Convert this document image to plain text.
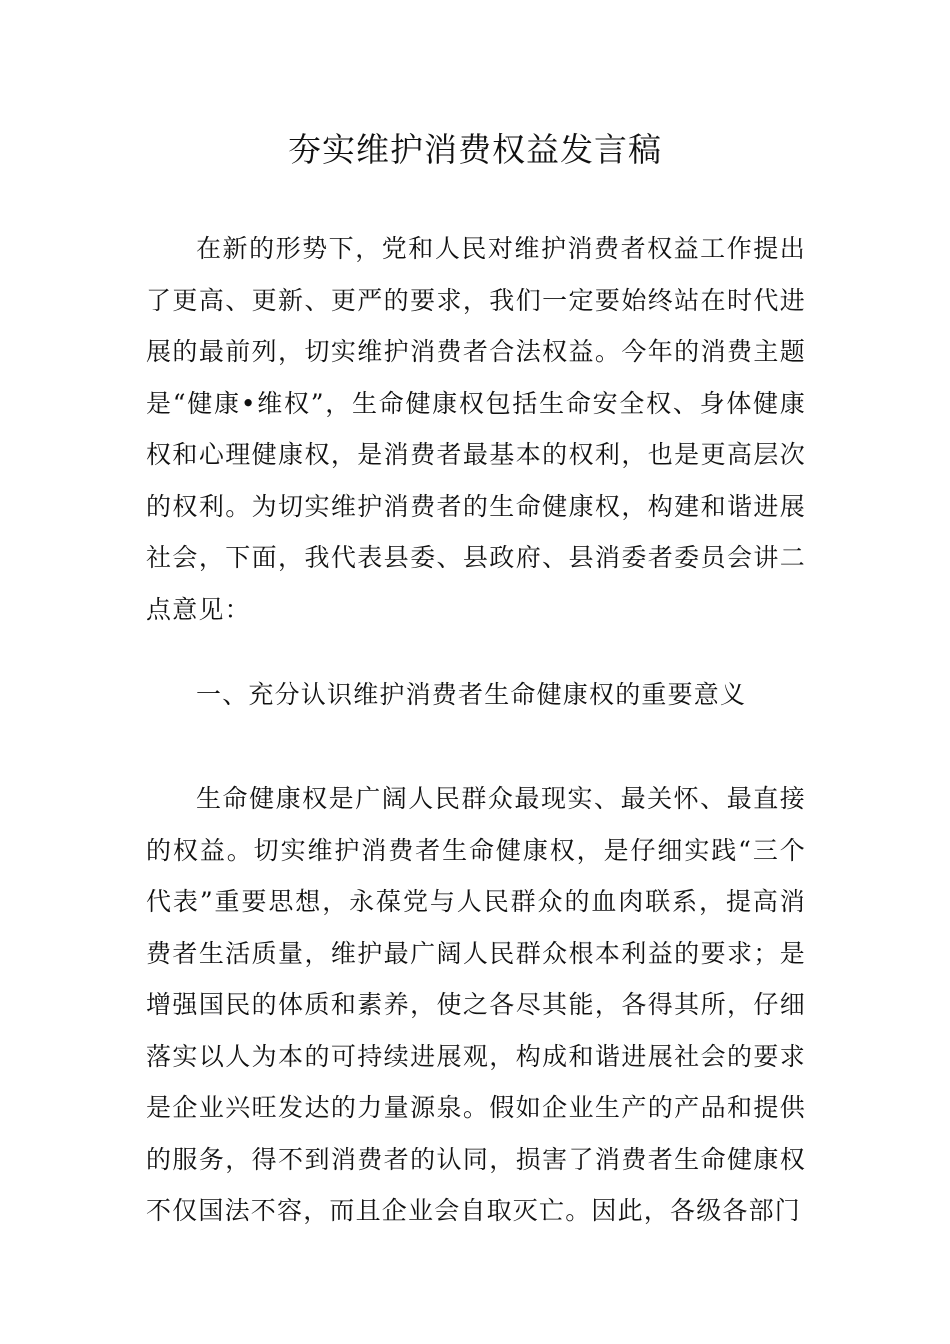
夯实维护消费权益发言稿

在新的形势下，党和人民对维护消费者权益工作提出了更高、更新、更严的要求，我们一定要始终站在时代进展的最前列，切实维护消费者合法权益。今年的消费主题是“健康•维权”，生命健康权包括生命安全权、身体健康权和心理健康权，是消费者最基本的权利，也是更高层次的权利。为切实维护消费者的生命健康权，构建和谐进展社会，下面，我代表县委、县政府、县消委者委员会讲二点意见：

一、充分认识维护消费者生命健康权的重要意义

生命健康权是广阔人民群众最现实、最关怀、最直接的权益。切实维护消费者生命健康权，是仔细实践“三个代表”重要思想，永葆党与人民群众的血肉联系，提高消费者生活质量，维护最广阔人民群众根本利益的要求；是增强国民的体质和素养，使之各尽其能，各得其所，仔细落实以人为本的可持续进展观，构成和谐进展社会的要求是企业兴旺发达的力量源泉。假如企业生产的产品和提供的服务，得不到消费者的认同，损害了消费者生命健康权不仅国法不容，而且企业会自取灭亡。因此，各级各部门
